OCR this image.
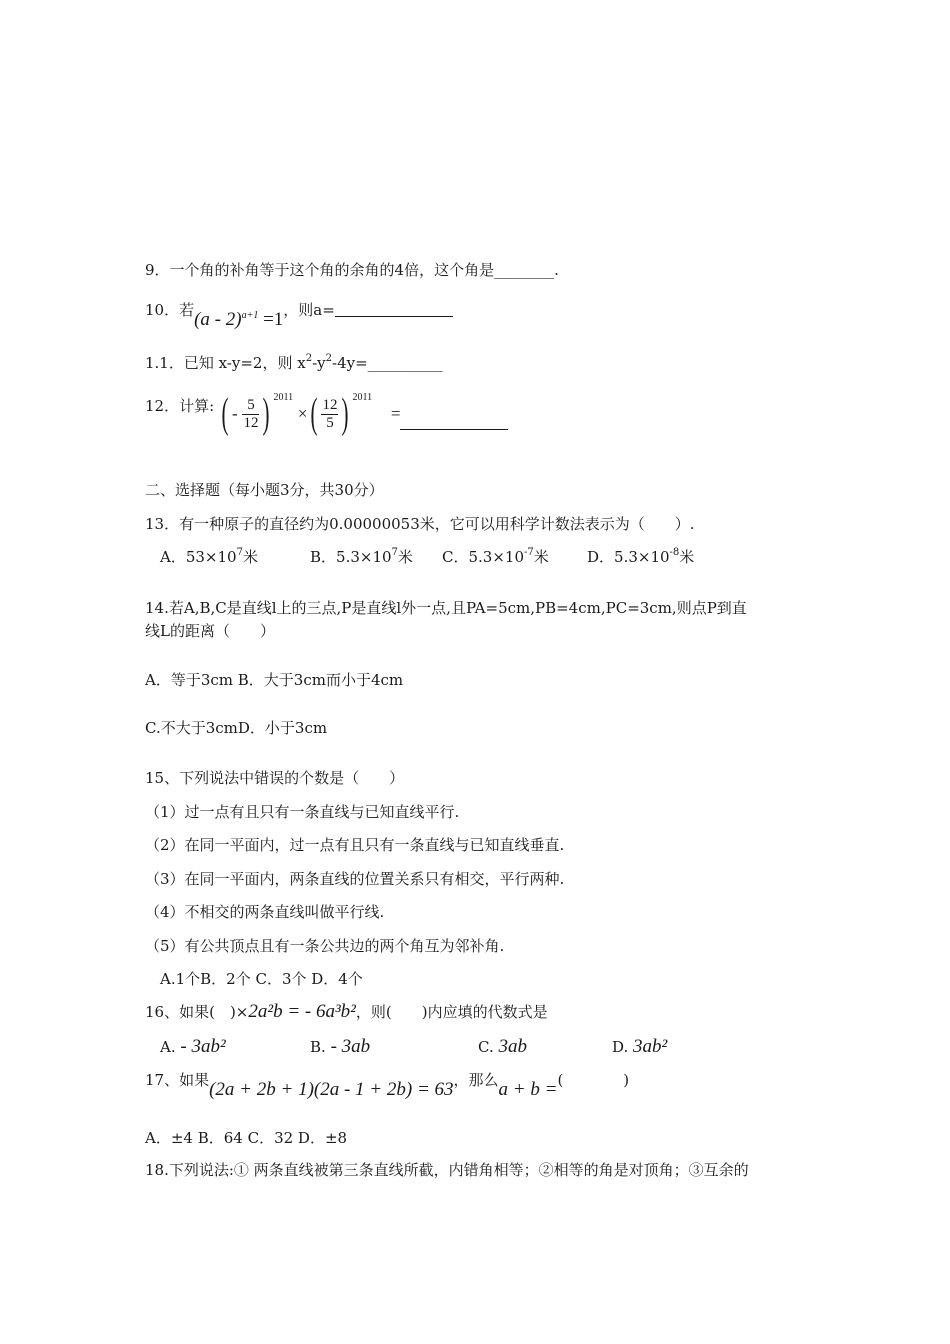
9．一个角的补角等于这个角的余角的4倍，这个角是________.
10．若(a - 2)$^{a+1}$ =1，则a=
1.1．已知 x-y=2，则 $x^2-y^2-4y=\_\_\_\_\_\_\_\_\_\_$
12．计算: ( - $\frac{5}{12}$ ) $^{2011}$ ×( $\frac{12}{5}$ ) $^{2011}$ =
二、选择题（每小题3分，共30分）
13．有一种原子的直径约为0.00000053米，它可以用科学计数法表示为（　　）.
A．$53\times 10^7$米	B．$5.3\times 10^7$米 C．$5.3\times 10^{-7}$米	D．$5.3\times 10^{-8}$米
14.若A,B,C是直线l上的三点,P是直线l外一点,且PA=5cm,PB=4cm,PC=3cm,则点P到直
线L的距离（　　）
A．等于3cm B．大于3cm而小于4cm
C.不大于3cmD．小于3cm
15、下列说法中错误的个数是（　　）
（1）过一点有且只有一条直线与已知直线平行.
（2）在同一平面内，过一点有且只有一条直线与已知直线垂直.
（3）在同一平面内，两条直线的位置关系只有相交，平行两种.
（4）不相交的两条直线叫做平行线.
（5）有公共顶点且有一条公共边的两个角互为邻补角.
A.1个B．2个 C．3个 D．4个
16、如果(　)×2a²b = - 6a³b²，则(　　)内应填的代数式是
A. - 3ab²	B. - 3ab	C. 3ab	D. 3ab²
17、如果(2a + 2b + 1)(2a - 1 + 2b) = 63，那么a + b =(　　　　)
A．±4 B．64 C．32 D．±8
18.下列说法:① 两条直线被第三条直线所截，内错角相等；②相等的角是对顶角；③互余的
